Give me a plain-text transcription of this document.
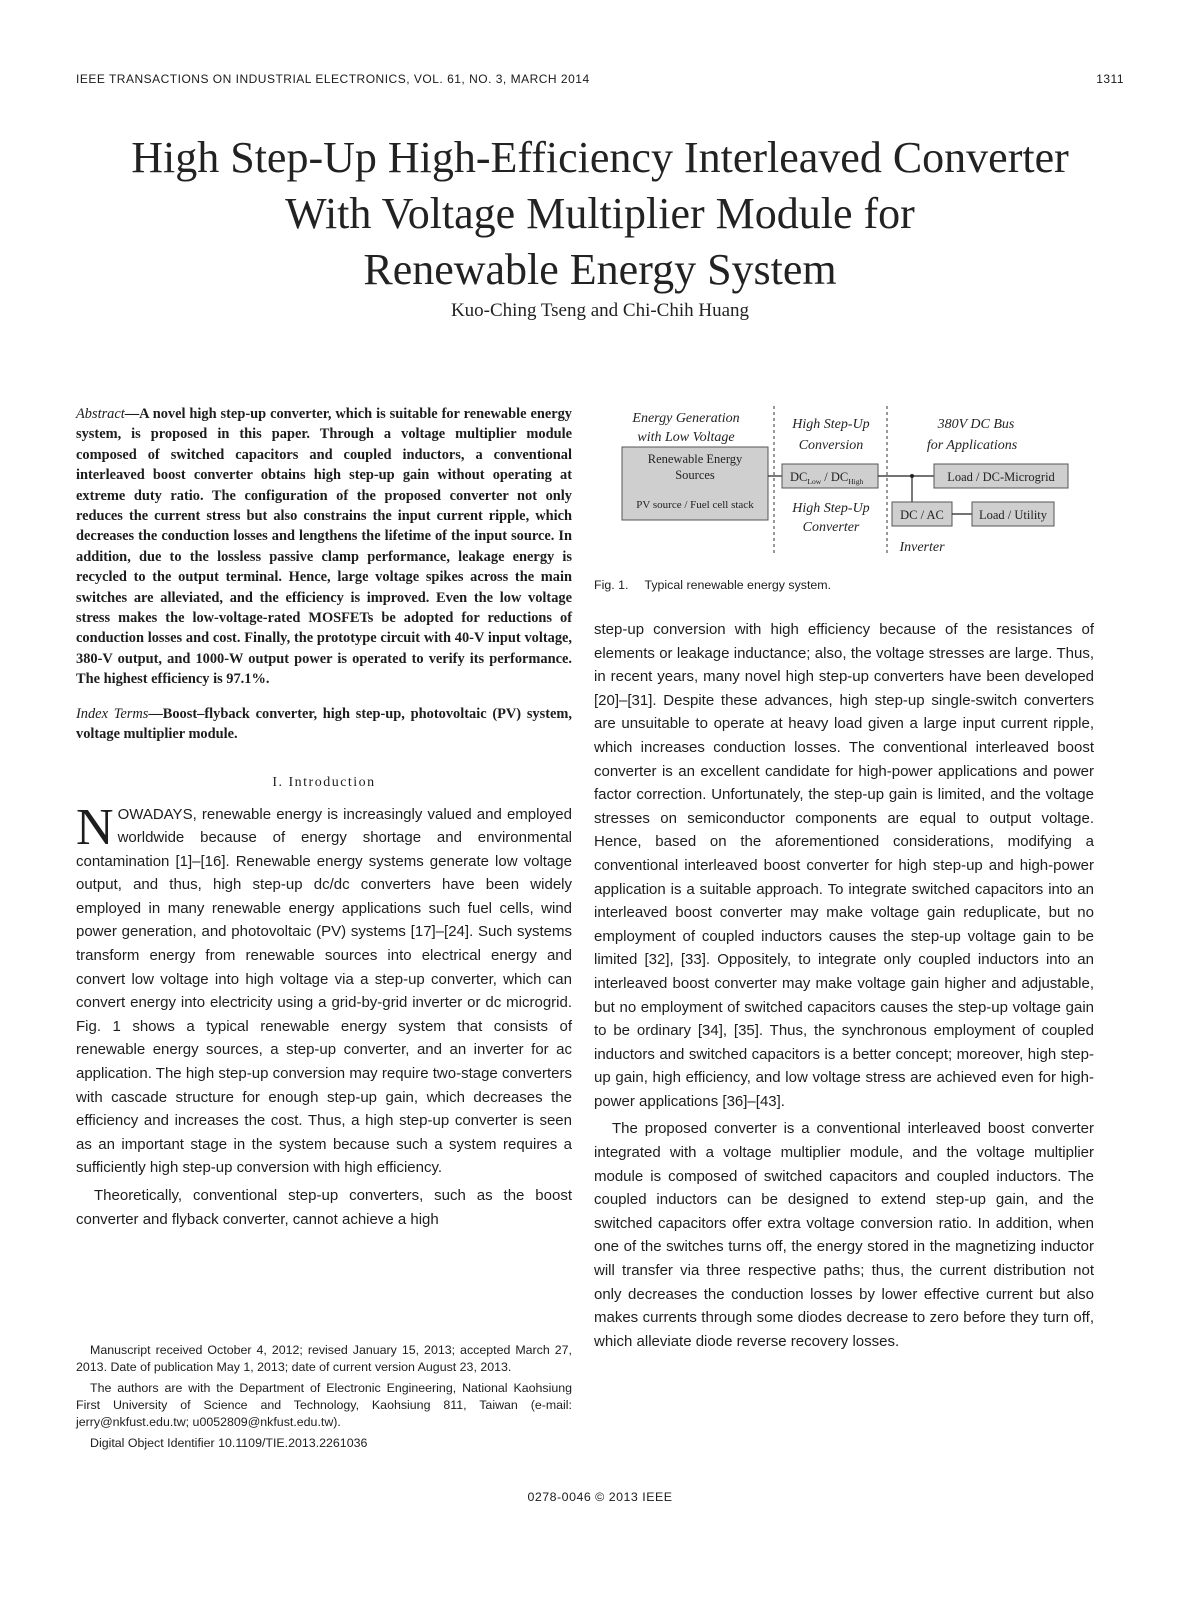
IEEE TRANSACTIONS ON INDUSTRIAL ELECTRONICS, VOL. 61, NO. 3, MARCH 2014	1311
High Step-Up High-Efficiency Interleaved Converter
With Voltage Multiplier Module for
Renewable Energy System
Kuo-Ching Tseng and Chi-Chih Huang

Abstract—A novel high step-up converter, which is suitable for renewable energy system, is proposed in this paper. Through a voltage multiplier module composed of switched capacitors and coupled inductors, a conventional interleaved boost converter obtains high step-up gain without operating at extreme duty ratio. The configuration of the proposed converter not only reduces the current stress but also constrains the input current ripple, which decreases the conduction losses and lengthens the lifetime of the input source. In addition, due to the lossless passive clamp performance, leakage energy is recycled to the output terminal. Hence, large voltage spikes across the main switches are alleviated, and the efficiency is improved. Even the low voltage stress makes the low-voltage-rated MOSFETs be adopted for reductions of conduction losses and cost. Finally, the prototype circuit with 40-V input voltage, 380-V output, and 1000-W output power is operated to verify its performance. The highest efficiency is 97.1%.

Index Terms—Boost–flyback converter, high step-up, photovoltaic (PV) system, voltage multiplier module.

I. Introduction

NOWADAYS, renewable energy is increasingly valued and employed worldwide because of energy shortage and environmental contamination [1]–[16]. Renewable energy systems generate low voltage output, and thus, high step-up dc/dc converters have been widely employed in many renewable energy applications such fuel cells, wind power generation, and photovoltaic (PV) systems [17]–[24]. Such systems transform energy from renewable sources into electrical energy and convert low voltage into high voltage via a step-up converter, which can convert energy into electricity using a grid-by-grid inverter or dc microgrid. Fig. 1 shows a typical renewable energy system that consists of renewable energy sources, a step-up converter, and an inverter for ac application. The high step-up conversion may require two-stage converters with cascade structure for enough step-up gain, which decreases the efficiency and increases the cost. Thus, a high step-up converter is seen as an important stage in the system because such a system requires a sufficiently high step-up conversion with high efficiency.

Theoretically, conventional step-up converters, such as the boost converter and flyback converter, cannot achieve a high

Manuscript received October 4, 2012; revised January 15, 2013; accepted March 27, 2013. Date of publication May 1, 2013; date of current version August 23, 2013.

The authors are with the Department of Electronic Engineering, National Kaohsiung First University of Science and Technology, Kaohsiung 811, Taiwan (e-mail: jerry@nkfust.edu.tw; u0052809@nkfust.edu.tw).

Digital Object Identifier 10.1109/TIE.2013.2261036

Energy Generation
with Low Voltage
High Step-Up
Conversion
380V DC Bus
for Applications
Renewable Energy
Sources
PV source / Fuel cell stack
$DC_{Low} / DC_{High}$
High Step-Up
Converter
Load / DC-Microgrid
DC / AC	Load / Utility
Inverter
Fig. 1. Typical renewable energy system.

step-up conversion with high efficiency because of the resistances of elements or leakage inductance; also, the voltage stresses are large. Thus, in recent years, many novel high step-up converters have been developed [20]–[31]. Despite these advances, high step-up single-switch converters are unsuitable to operate at heavy load given a large input current ripple, which increases conduction losses. The conventional interleaved boost converter is an excellent candidate for high-power applications and power factor correction. Unfortunately, the step-up gain is limited, and the voltage stresses on semiconductor components are equal to output voltage. Hence, based on the aforementioned considerations, modifying a conventional interleaved boost converter for high step-up and high-power application is a suitable approach. To integrate switched capacitors into an interleaved boost converter may make voltage gain reduplicate, but no employment of coupled inductors causes the step-up voltage gain to be limited [32], [33]. Oppositely, to integrate only coupled inductors into an interleaved boost converter may make voltage gain higher and adjustable, but no employment of switched capacitors causes the step-up voltage gain to be ordinary [34], [35]. Thus, the synchronous employment of coupled inductors and switched capacitors is a better concept; moreover, high step-up gain, high efficiency, and low voltage stress are achieved even for high-power applications [36]–[43].

The proposed converter is a conventional interleaved boost converter integrated with a voltage multiplier module, and the voltage multiplier module is composed of switched capacitors and coupled inductors. The coupled inductors can be designed to extend step-up gain, and the switched capacitors offer extra voltage conversion ratio. In addition, when one of the switches turns off, the energy stored in the magnetizing inductor will transfer via three respective paths; thus, the current distribution not only decreases the conduction losses by lower effective current but also makes currents through some diodes decrease to zero before they turn off, which alleviate diode reverse recovery losses.

0278-0046 © 2013 IEEE
